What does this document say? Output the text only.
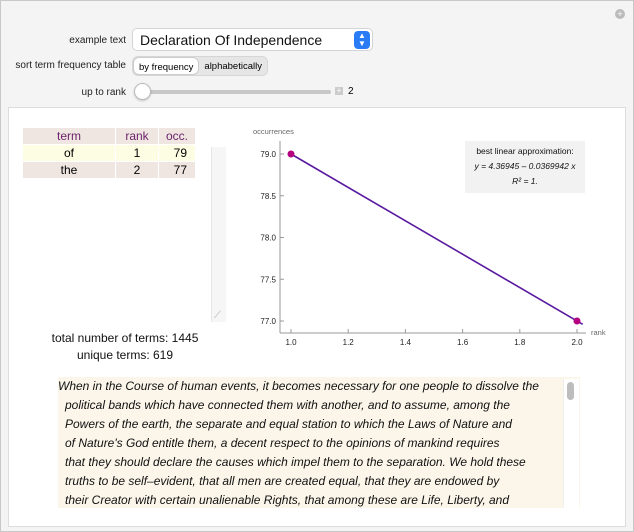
+
example text	Declaration Of Independence	▲
▼
sort term frequency table	by frequency	alphabetically
up to rank	+ 2
term	rank	occ.
of	1	79
the	2	77
⟋
total number of terms: 1445
unique terms: 619
1.0	1.2	1.4	1.6	1.8	2.0
77.0
77.5
78.0
78.5
79.0
occurrences
rank
best linear approximation:
y = 4.36945 – 0.0369942 x
R² = 1.
When in the Course of human events, it becomes necessary for one people to dissolve the
political bands which have connected them with another, and to assume, among the
Powers of the earth, the separate and equal station to which the Laws of Nature and
of Nature's God entitle them, a decent respect to the opinions of mankind requires
that they should declare the causes which impel them to the separation. We hold these
truths to be self–evident, that all men are created equal, that they are endowed by
their Creator with certain unalienable Rights, that among these are Life, Liberty, and
